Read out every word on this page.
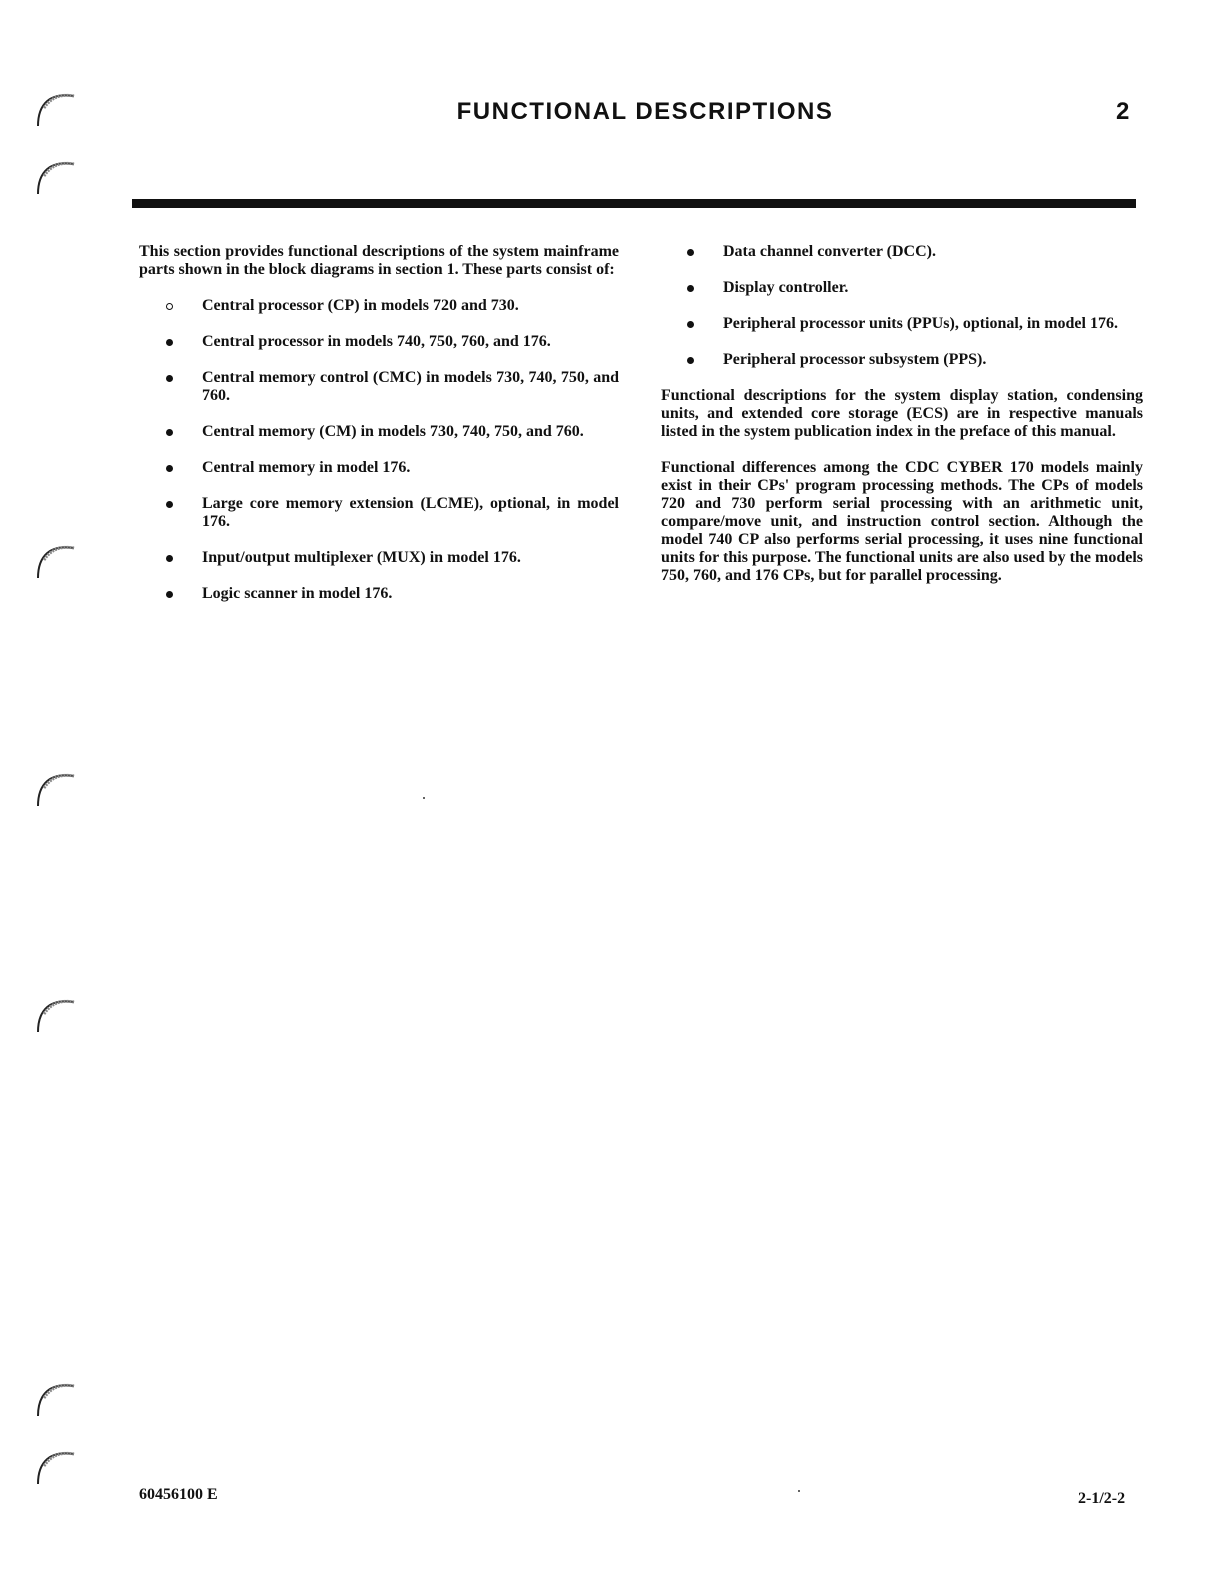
FUNCTIONAL DESCRIPTIONS	2

This section provides functional descriptions of the system mainframe parts shown in the block diagrams in section 1. These parts consist of:

Central processor (CP) in models 720 and 730.
Central processor in models 740, 750, 760, and 176.
Central memory control (CMC) in models 730, 740, 750, and 760.
Central memory (CM) in models 730, 740, 750, and 760.
Central memory in model 176.
Large core memory extension (LCME), optional, in model 176.
Input/output multiplexer (MUX) in model 176.
Logic scanner in model 176.
Data channel converter (DCC).
Display controller.
Peripheral processor units (PPUs), optional, in model 176.
Peripheral processor subsystem (PPS).

Functional descriptions for the system display station, condensing units, and extended core storage (ECS) are in respective manuals listed in the system publication index in the preface of this manual.

Functional differences among the CDC CYBER 170 models mainly exist in their CPs' program processing methods. The CPs of models 720 and 730 perform serial processing with an arithmetic unit, compare/move unit, and instruction control section. Although the model 740 CP also performs serial processing, it uses nine functional units for this purpose. The functional units are also used by the models 750, 760, and 176 CPs, but for parallel processing.

60456100 E	2-1/2-2
